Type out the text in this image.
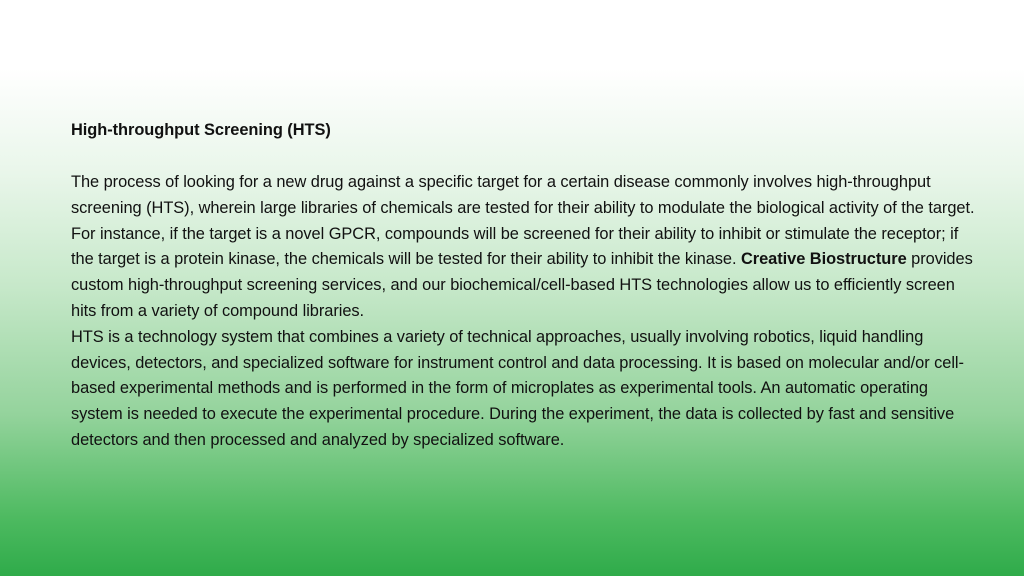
High-throughput Screening (HTS)

The process of looking for a new drug against a specific target for a certain disease commonly involves high-throughput screening (HTS), wherein large libraries of chemicals are tested for their ability to modulate the biological activity of the target. For instance, if the target is a novel GPCR, compounds will be screened for their ability to inhibit or stimulate the receptor; if the target is a protein kinase, the chemicals will be tested for their ability to inhibit the kinase. Creative Biostructure provides custom high-throughput screening services, and our biochemical/cell-based HTS technologies allow us to efficiently screen hits from a variety of compound libraries.

HTS is a technology system that combines a variety of technical approaches, usually involving robotics, liquid handling devices, detectors, and specialized software for instrument control and data processing. It is based on molecular and/or cell-based experimental methods and is performed in the form of microplates as experimental tools. An automatic operating system is needed to execute the experimental procedure. During the experiment, the data is collected by fast and sensitive detectors and then processed and analyzed by specialized software.
